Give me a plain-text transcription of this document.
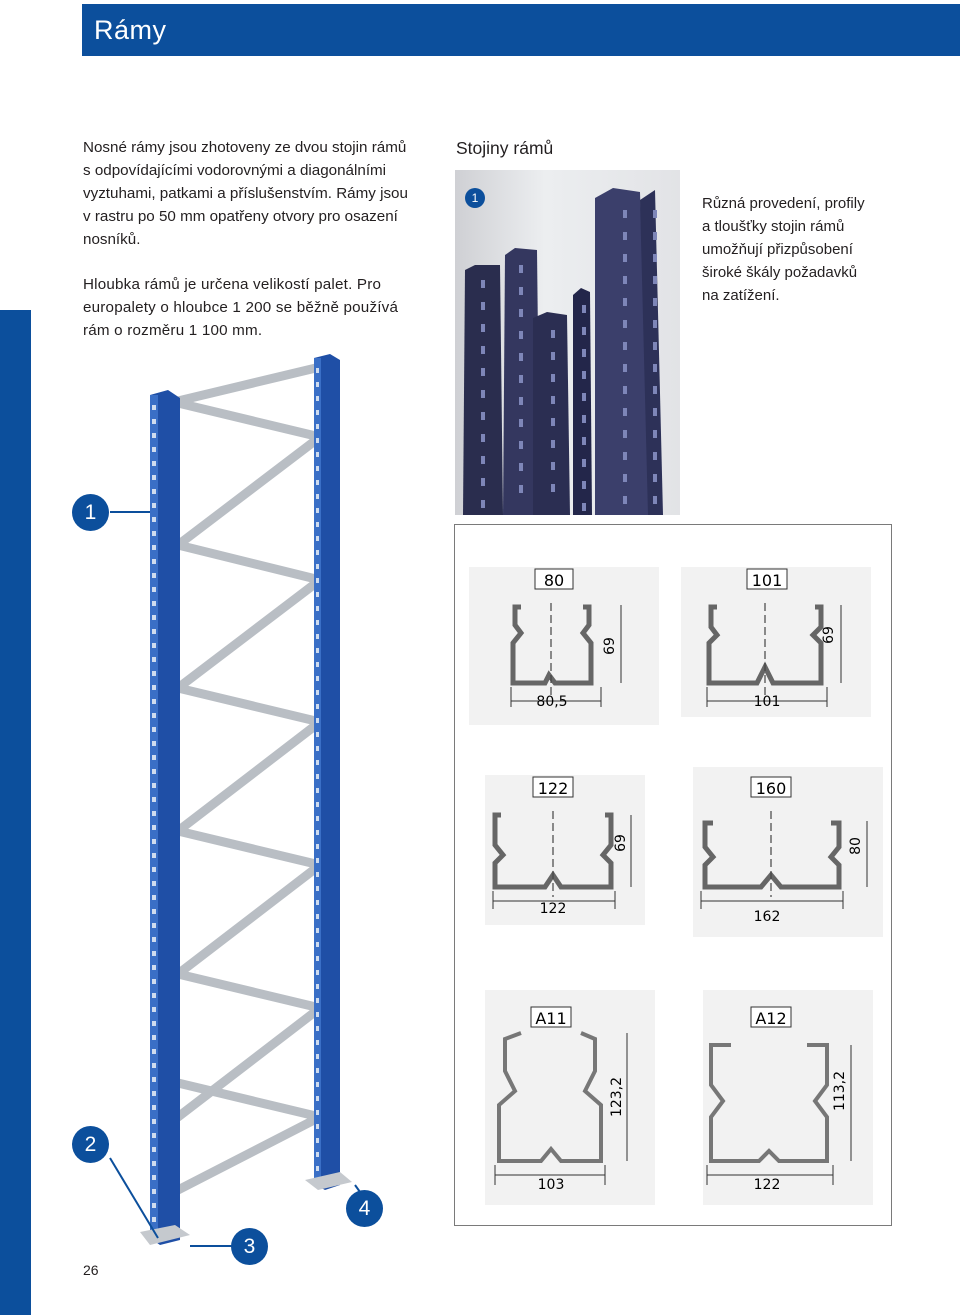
Rámy

Nosné rámy jsou zhotoveny ze dvou stojin rámů
s odpovídajícími vodorovnými a diagonálními
vyztuhami, patkami a příslušenstvím. Rámy jsou
v rastru po 50 mm opatřeny otvory pro osazení
nosníků.

Hloubka rámů je určena velikostí palet. Pro
europalety o hloubce 1 200 se běžně používá
rám o rozměru 1 100 mm.

1
2
3
4
Stojiny rámů
1	Různá provedení, profily
a tloušťky stojin rámů
umožňují přizpůsobení
široké škály požadavků
na zatížení.
80
80,5
69
101
101
69
122
122
69
160
162
80
A11
103
123,2
A12
122
113,2
26
